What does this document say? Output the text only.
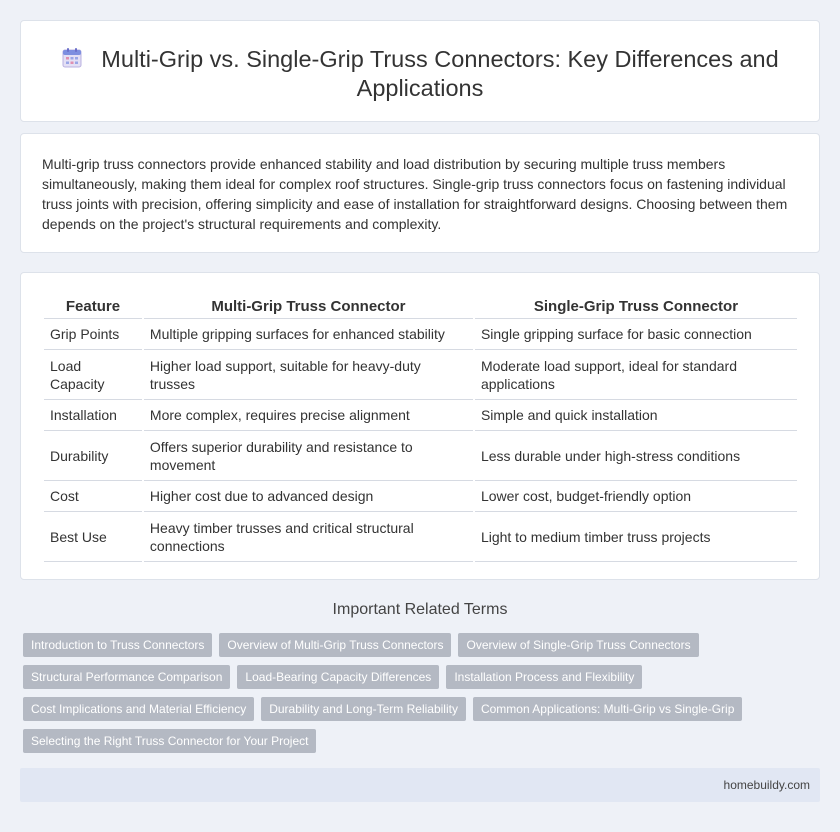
Multi-Grip vs. Single-Grip Truss Connectors: Key Differences and Applications

Multi-grip truss connectors provide enhanced stability and load distribution by securing multiple truss members simultaneously, making them ideal for complex roof structures. Single-grip truss connectors focus on fastening individual truss joints with precision, offering simplicity and ease of installation for straightforward designs. Choosing between them depends on the project's structural requirements and complexity.

Feature	Multi-Grip Truss Connector	Single-Grip Truss Connector
Grip Points	Multiple gripping surfaces for enhanced stability	Single gripping surface for basic connection
Load Capacity	Higher load support, suitable for heavy-duty trusses	Moderate load support, ideal for standard applications
Installation	More complex, requires precise alignment	Simple and quick installation
Durability	Offers superior durability and resistance to movement	Less durable under high-stress conditions
Cost	Higher cost due to advanced design	Lower cost, budget-friendly option
Best Use	Heavy timber trusses and critical structural connections	Light to medium timber truss projects
Important Related Terms
Introduction to Truss Connectors	Overview of Multi-Grip Truss Connectors	Overview of Single-Grip Truss Connectors
Structural Performance Comparison	Load-Bearing Capacity Differences	Installation Process and Flexibility
Cost Implications and Material Efficiency	Durability and Long-Term Reliability	Common Applications: Multi-Grip vs Single-Grip
Selecting the Right Truss Connector for Your Project
homebuildy.com
